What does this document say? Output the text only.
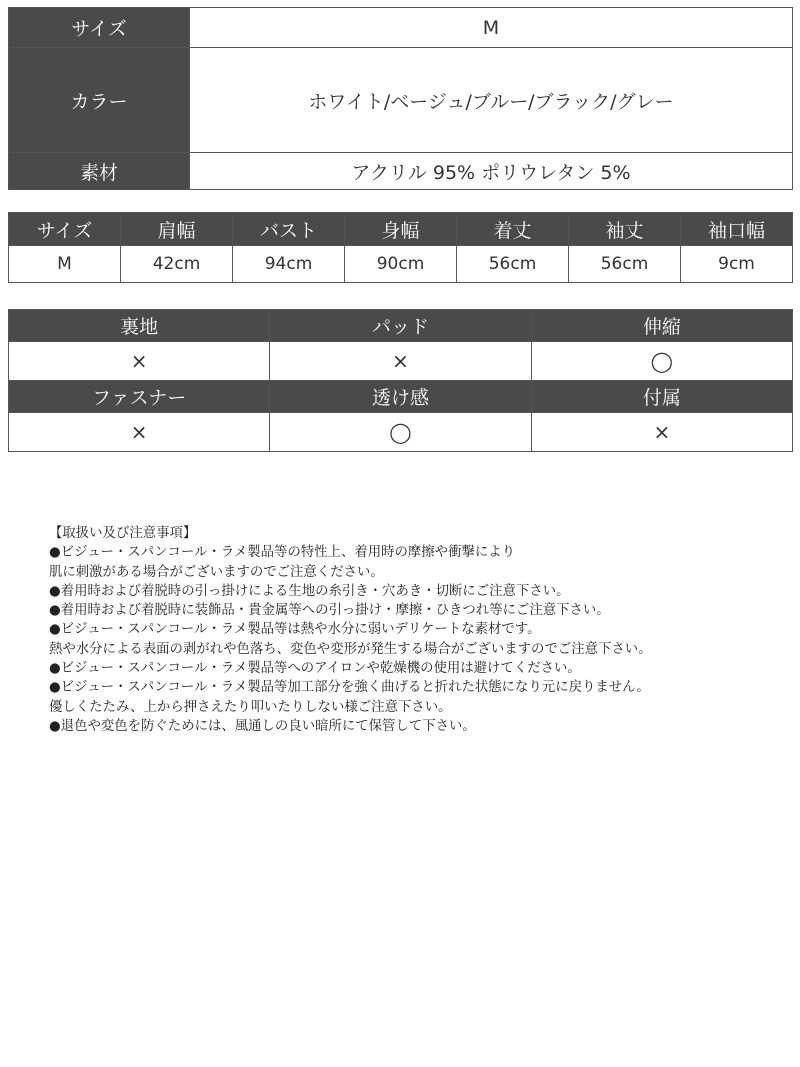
サイズ	M
カラー	ホワイト/ベージュ/ブルー/ブラック/グレー
素材	アクリル 95% ポリウレタン 5%
サイズ	肩幅	バスト	身幅	着丈	袖丈	袖口幅
M	42cm	94cm	90cm	56cm	56cm	9cm
裏地	パッド	伸縮
×	×	◯
ファスナー	透け感	付属
×	◯	×
【取扱い及び注意事項】
●ビジュー・スパンコール・ラメ製品等の特性上、着用時の摩擦や衝撃により
肌に刺激がある場合がございますのでご注意ください。
●着用時および着脱時の引っ掛けによる生地の糸引き・穴あき・切断にご注意下さい。
●着用時および着脱時に装飾品・貴金属等への引っ掛け・摩擦・ひきつれ等にご注意下さい。
●ビジュー・スパンコール・ラメ製品等は熱や水分に弱いデリケートな素材です。
熱や水分による表面の剥がれや色落ち、変色や変形が発生する場合がございますのでご注意下さい。
●ビジュー・スパンコール・ラメ製品等へのアイロンや乾燥機の使用は避けてください。
●ビジュー・スパンコール・ラメ製品等加工部分を強く曲げると折れた状態になり元に戻りません。
優しくたたみ、上から押さえたり叩いたりしない様ご注意下さい。
●退色や変色を防ぐためには、風通しの良い暗所にて保管して下さい。
